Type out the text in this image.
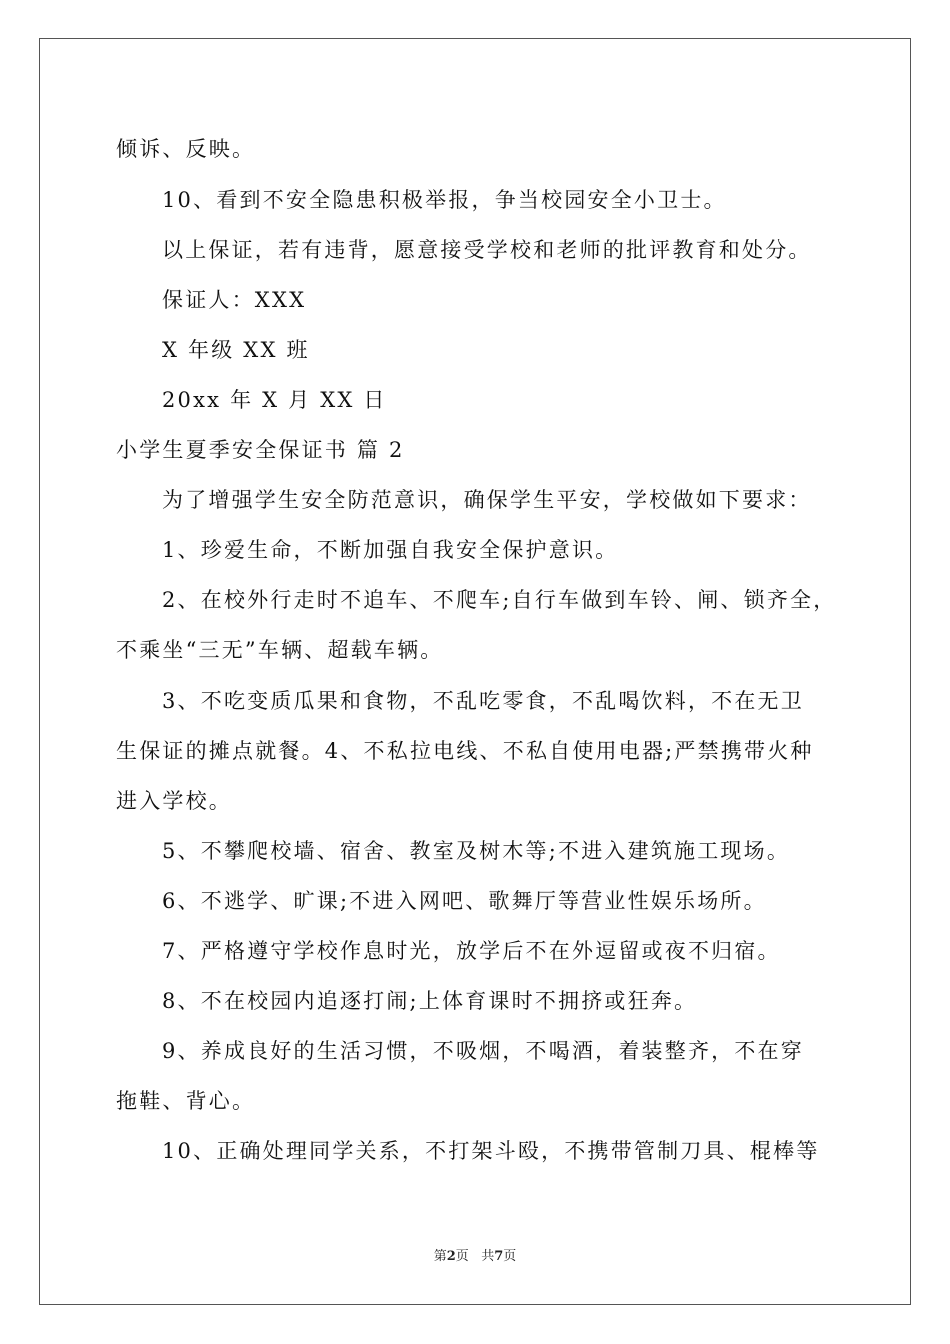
倾诉、反映。
10、看到不安全隐患积极举报，争当校园安全小卫士。
以上保证，若有违背，愿意接受学校和老师的批评教育和处分。
保证人：XXX
X 年级 XX 班
20xx 年 X 月 XX 日
小学生夏季安全保证书 篇 2
为了增强学生安全防范意识，确保学生平安，学校做如下要求：
1、珍爱生命，不断加强自我安全保护意识。
2、在校外行走时不追车、不爬车;自行车做到车铃、闸、锁齐全，
不乘坐“三无”车辆、超载车辆。
3、不吃变质瓜果和食物，不乱吃零食，不乱喝饮料，不在无卫
生保证的摊点就餐。4、不私拉电线、不私自使用电器;严禁携带火种
进入学校。
5、不攀爬校墙、宿舍、教室及树木等;不进入建筑施工现场。
6、不逃学、旷课;不进入网吧、歌舞厅等营业性娱乐场所。
7、严格遵守学校作息时光，放学后不在外逗留或夜不归宿。
8、不在校园内追逐打闹;上体育课时不拥挤或狂奔。
9、养成良好的生活习惯，不吸烟，不喝酒，着装整齐，不在穿
拖鞋、背心。
10、正确处理同学关系，不打架斗殴，不携带管制刀具、棍棒等
第2页 共7页
